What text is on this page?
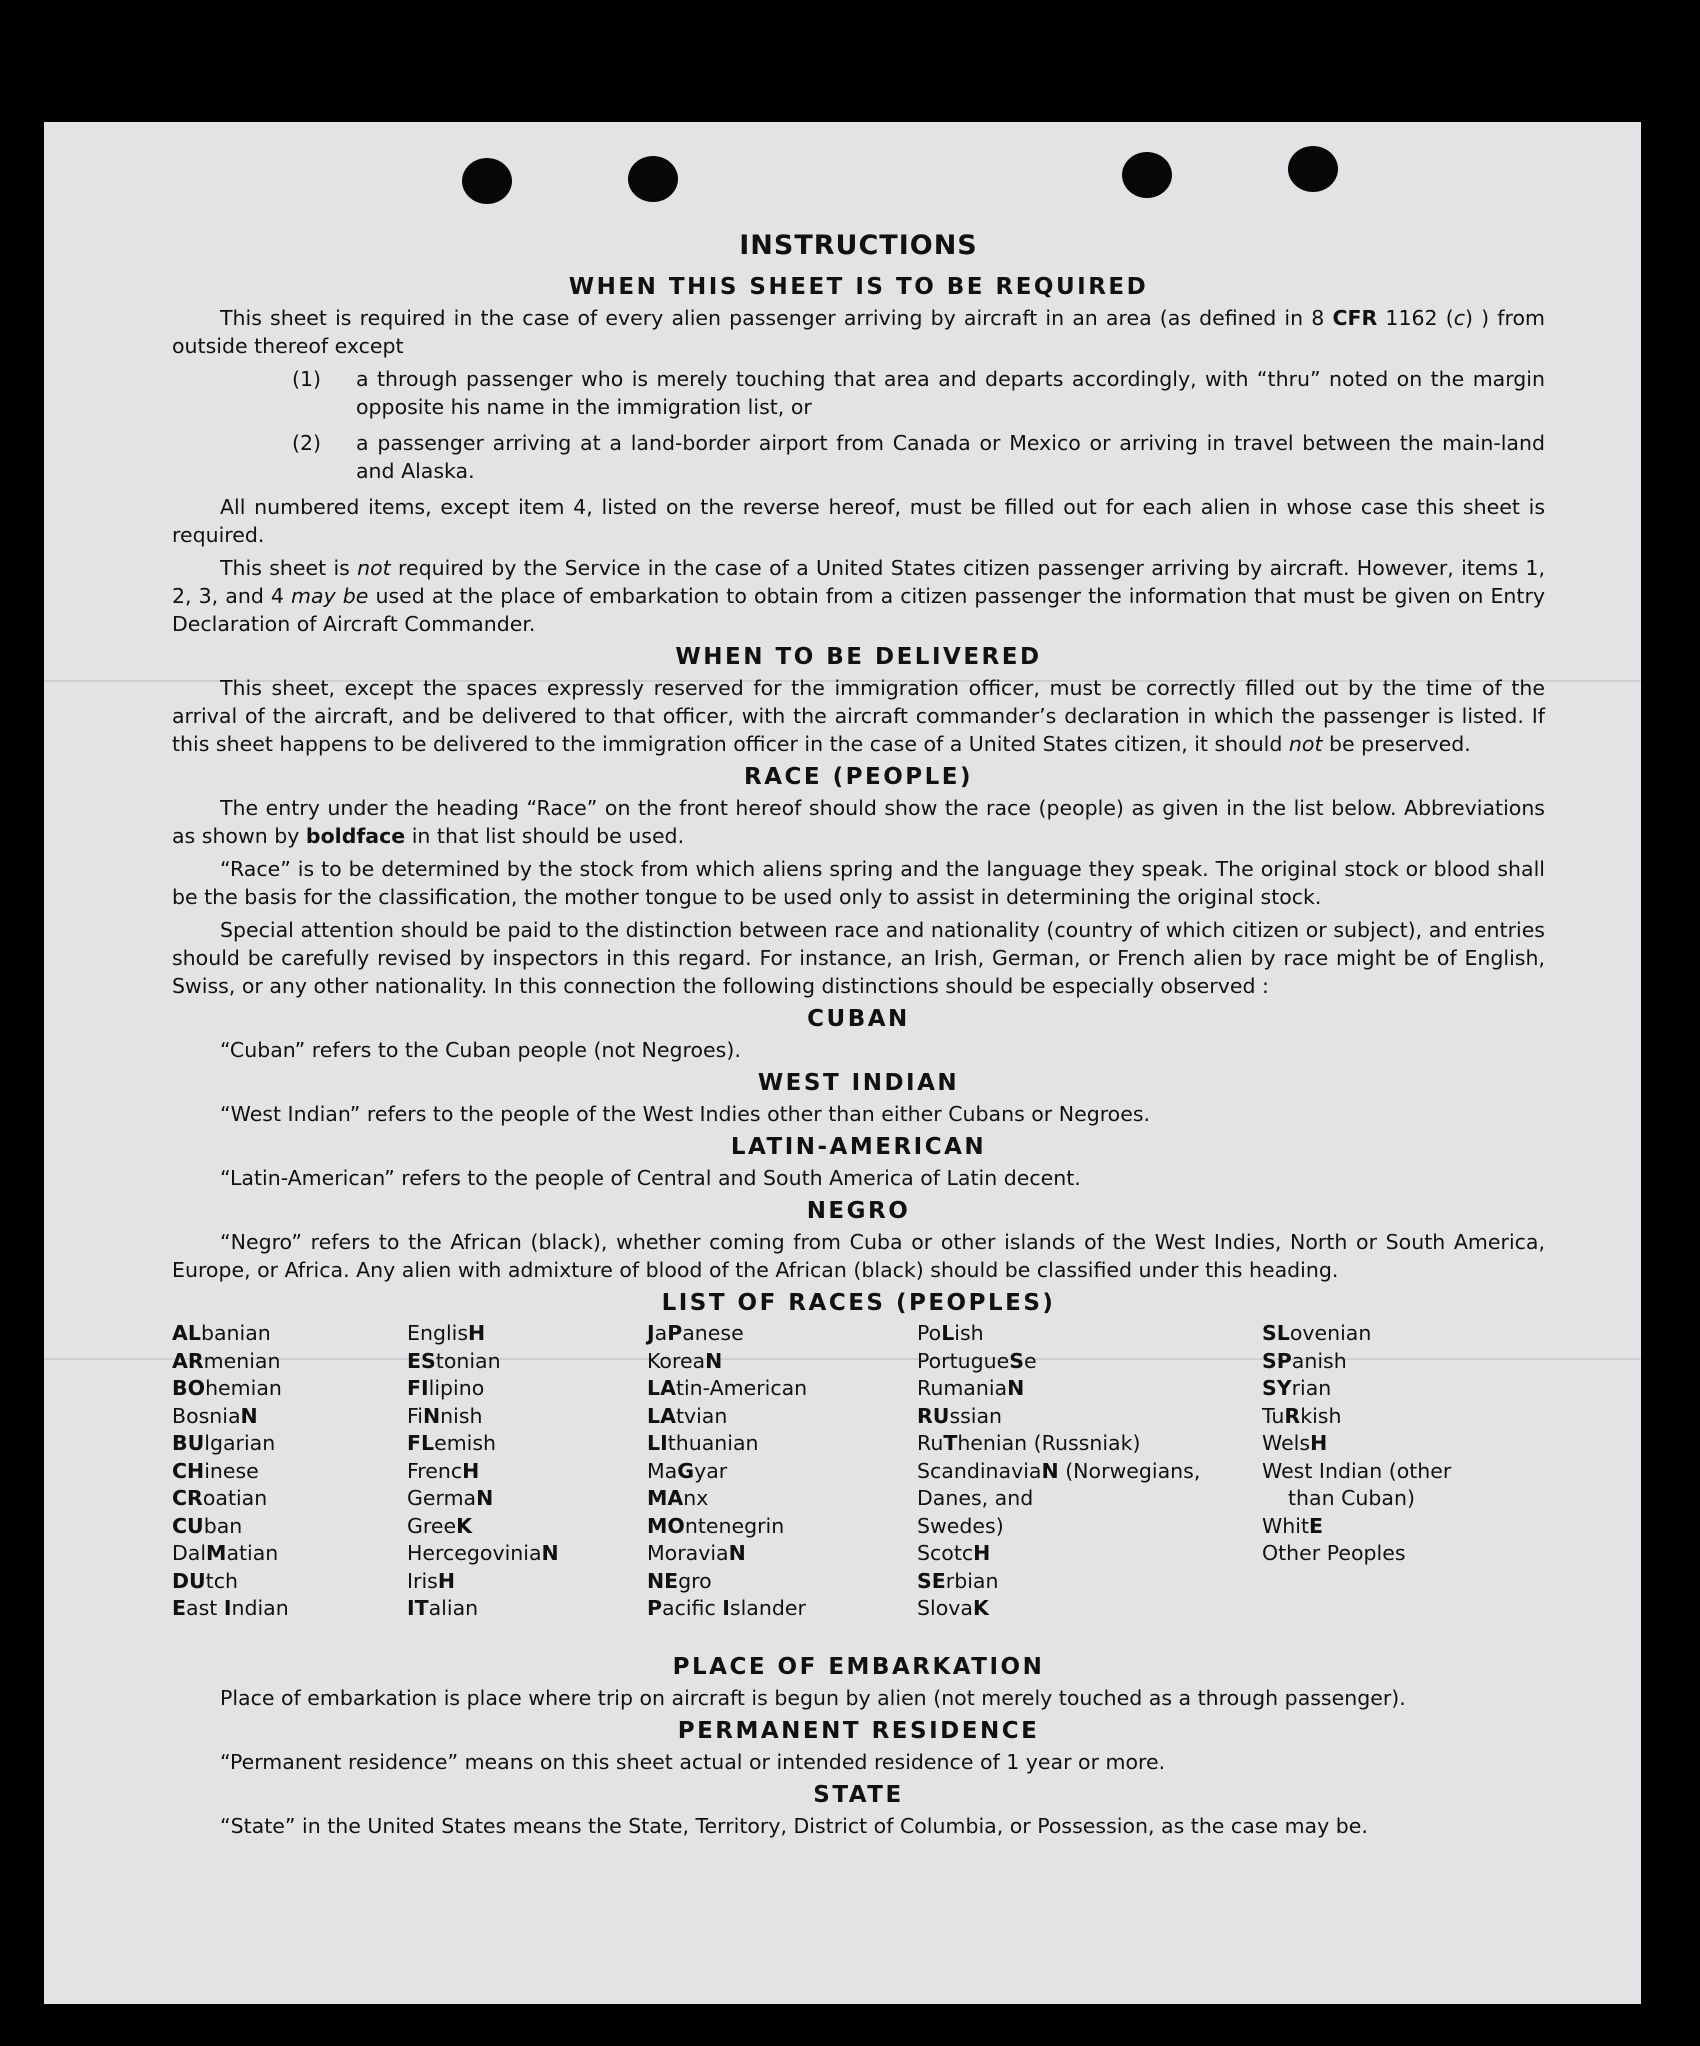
INSTRUCTIONS
WHEN THIS SHEET IS TO BE REQUIRED

This sheet is required in the case of every alien passenger arriving by aircraft in an area (as defined in 8 CFR 1162 (c) ) from outside thereof except

(1)	a through passenger who is merely touching that area and departs accordingly, with “thru” noted on the margin opposite his name in the immigration list, or
(2)	a passenger arriving at a land-border airport from Canada or Mexico or arriving in travel between the main-land and Alaska.

All numbered items, except item 4, listed on the reverse hereof, must be filled out for each alien in whose case this sheet is required.

This sheet is not required by the Service in the case of a United States citizen passenger arriving by aircraft. However, items 1, 2, 3, and 4 may be used at the place of embarkation to obtain from a citizen passenger the information that must be given on Entry Declaration of Aircraft Commander.

WHEN TO BE DELIVERED

This sheet, except the spaces expressly reserved for the immigration officer, must be correctly filled out by the time of the arrival of the aircraft, and be delivered to that officer, with the aircraft commander’s declaration in which the passenger is listed. If this sheet happens to be delivered to the immigration officer in the case of a United States citizen, it should not be preserved.

RACE (PEOPLE)

The entry under the heading “Race” on the front hereof should show the race (people) as given in the list below. Abbreviations as shown by boldface in that list should be used.

“Race” is to be determined by the stock from which aliens spring and the language they speak. The original stock or blood shall be the basis for the classification, the mother tongue to be used only to assist in determining the original stock.

Special attention should be paid to the distinction between race and nationality (country of which citizen or subject), and entries should be carefully revised by inspectors in this regard. For instance, an Irish, German, or French alien by race might be of English, Swiss, or any other nationality. In this connection the following distinctions should be especially observed :

CUBAN

“Cuban” refers to the Cuban people (not Negroes).

WEST INDIAN

“West Indian” refers to the people of the West Indies other than either Cubans or Negroes.

LATIN-AMERICAN

“Latin-American” refers to the people of Central and South America of Latin decent.

NEGRO

“Negro” refers to the African (black), whether coming from Cuba or other islands of the West Indies, North or South America, Europe, or Africa. Any alien with admixture of blood of the African (black) should be classified under this heading.

LIST OF RACES (PEOPLES)
ALbanian
ARmenian
BOhemian
BosniaN
BUlgarian
CHinese
CRoatian
CUban
DalMatian
DUtch
East Indian
EnglisH
EStonian
FIlipino
FiNnish
FLemish
FrencH
GermaN
GreeK
HercegoviniaN
IrisH
ITalian
JaPanese
KoreaN
LAtin-American
LAtvian
LIthuanian
MaGyar
MAnx
MOntenegrin
MoraviaN
NEgro
Pacific Islander
PoLish
PortugueSe
RumaniaN
RUssian
RuThenian (Russniak)
ScandinaviaN (Norwegians,
Danes, and
Swedes)
ScotcH
SErbian
SlovaK
SLovenian
SPanish
SYrian
TuRkish
WelsH
West Indian (other
than Cuban)
WhitE
Other Peoples
PLACE OF EMBARKATION

Place of embarkation is place where trip on aircraft is begun by alien (not merely touched as a through passenger).

PERMANENT RESIDENCE

“Permanent residence” means on this sheet actual or intended residence of 1 year or more.

STATE

“State” in the United States means the State, Territory, District of Columbia, or Possession, as the case may be.
